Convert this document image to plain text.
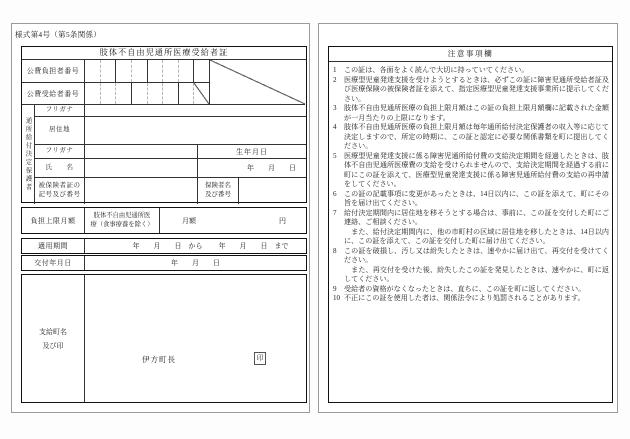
様式第4号（第5条関係）
肢体不自由児通所医療受給者証
公費負担者番号
公費受給者番号
通所給付決定保護者
フリガナ
居住地
フリガナ	生年月日
氏　　名	年　　月　　日
被保険者証の
記号及び番号
保険者名
及び番号
負担上限月額
肢体不自由児通所医
療（食事療養を除く）	月額	円
適用期間	年　　月　　日　から 年　　月　　日　まで
交付年月日	年　　月　　日
支給町名
及び印
伊方町長	印
注意事項欄
1	この証は、各面をよく読んで大切に持っていてください。
2	医療型児童発達支援を受けようとするときは、必ずこの証に障害児通所受給者証及び医療保険の被保険者証を添えて、指定医療型児童発達支援事業所に提示してください。
3	肢体不自由児通所医療の負担上限月額はこの証の負担上限月額欄に記載された金額が一月当たりの上限になります。
4	肢体不自由児通所医療の負担上限月額は毎年通所給付決定保護者の収入等に応じて決定しますので、所定の時期に、この証と認定に必要な関係書類を町に提出してください。
5	医療型児童発達支援に係る障害児通所給付費の支給決定期間を経過したときは、肢体不自由児通所医療費の支給を受けられませんので、支給決定期間を経過する前に町にこの証を添えて、医療型児童発達支援に係る障害児通所給付費の支給の再申請をしてください。
6	この証の記載事項に変更があったときは、14日以内に、この証を添えて、町にその旨を届け出てください。
7	給付決定期間内に居住地を移そうとする場合は、事前に、この証を交付した町にご連絡、ご相談ください。
　また、給付決定期間内に、他の市町村の区域に居住地を移したときは、14日以内に、この証を添えて、この証を交付した町に届け出てください。
8	この証を破損し、汚し又は紛失したときは、速やかに届け出て、再交付を受けてください。
　また、再交付を受けた後、紛失したこの証を発見したときは、速やかに、町に返してください。
9	受給者の資格がなくなったときは、直ちに、この証を町に返してください。
10 不正にこの証を使用した者は、関係法令により処罰されることがあります。
